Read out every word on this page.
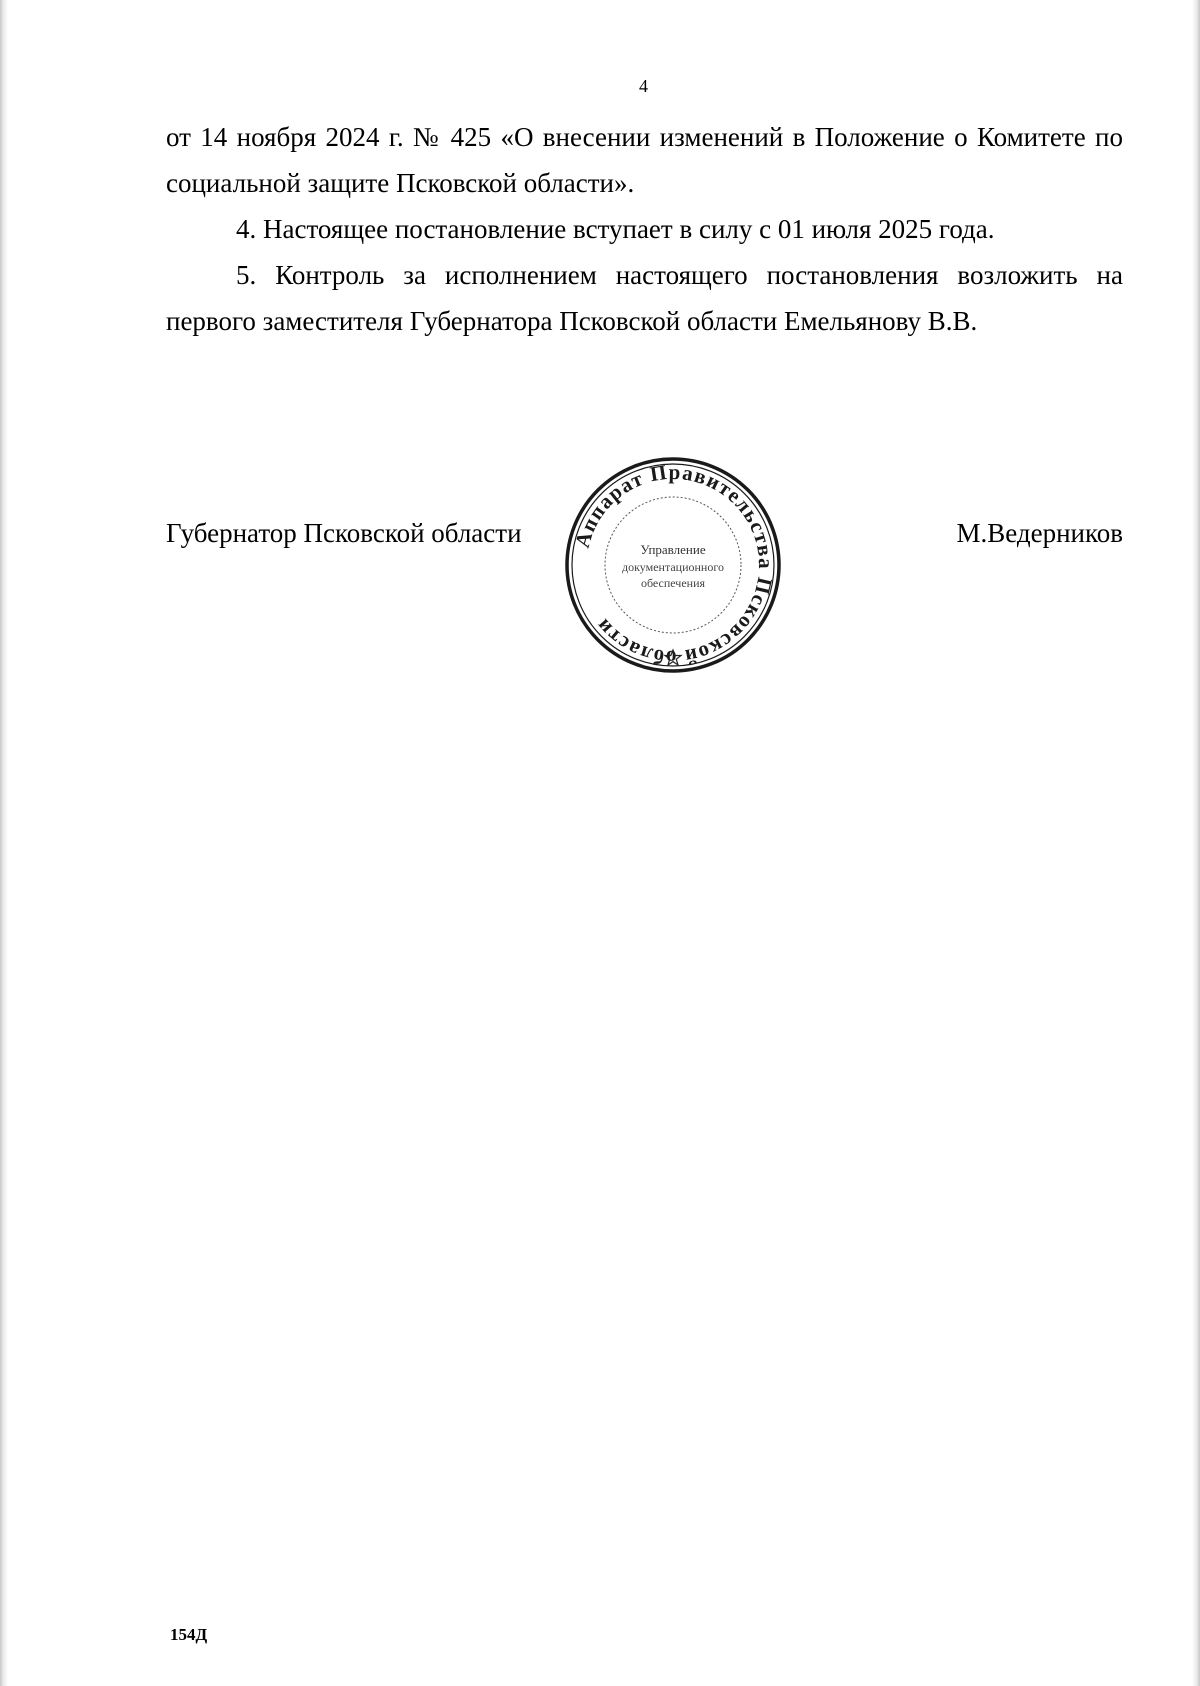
4

от 14 ноября 2024 г. № 425 «О внесении изменений в Положение о Комитете по социальной защите Псковской области».

4. Настоящее постановление вступает в силу с 01 июля 2025 года.

5. Контроль за исполнением настоящего постановления возложить на первого заместителя Губернатора Псковской области Емельянову В.В.

Губернатор Псковской области	М.Ведерников
Аппарат Правительства Псковской области
Управление
документационного
обеспечения
154Д
